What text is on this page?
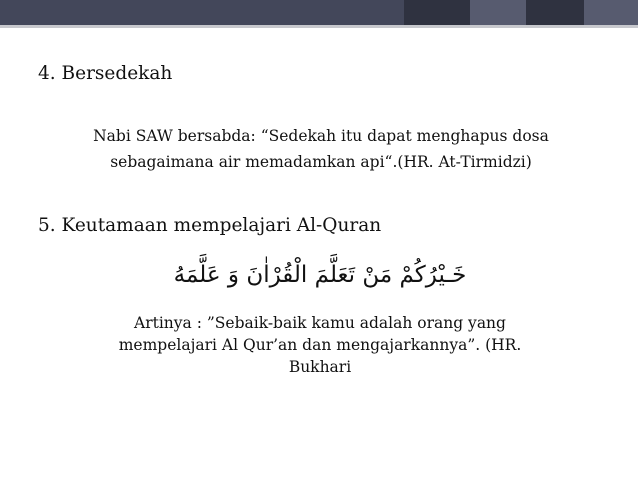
4. Bersedekah
Nabi SAW bersabda: “Sedekah itu dapat menghapus dosa
sebagaimana air memadamkan api“.(HR. At-Tirmidzi)
5. Keutamaan mempelajari Al-Quran
خَـيْرُكُمْ مَنْ تَعَلَّمَ الْقُرْاٰنَ وَ عَلَّمَهُ
Artinya : ”Sebaik-baik kamu adalah orang yang
mempelajari Al Qur’an dan mengajarkannya”. (HR.
Bukhari
